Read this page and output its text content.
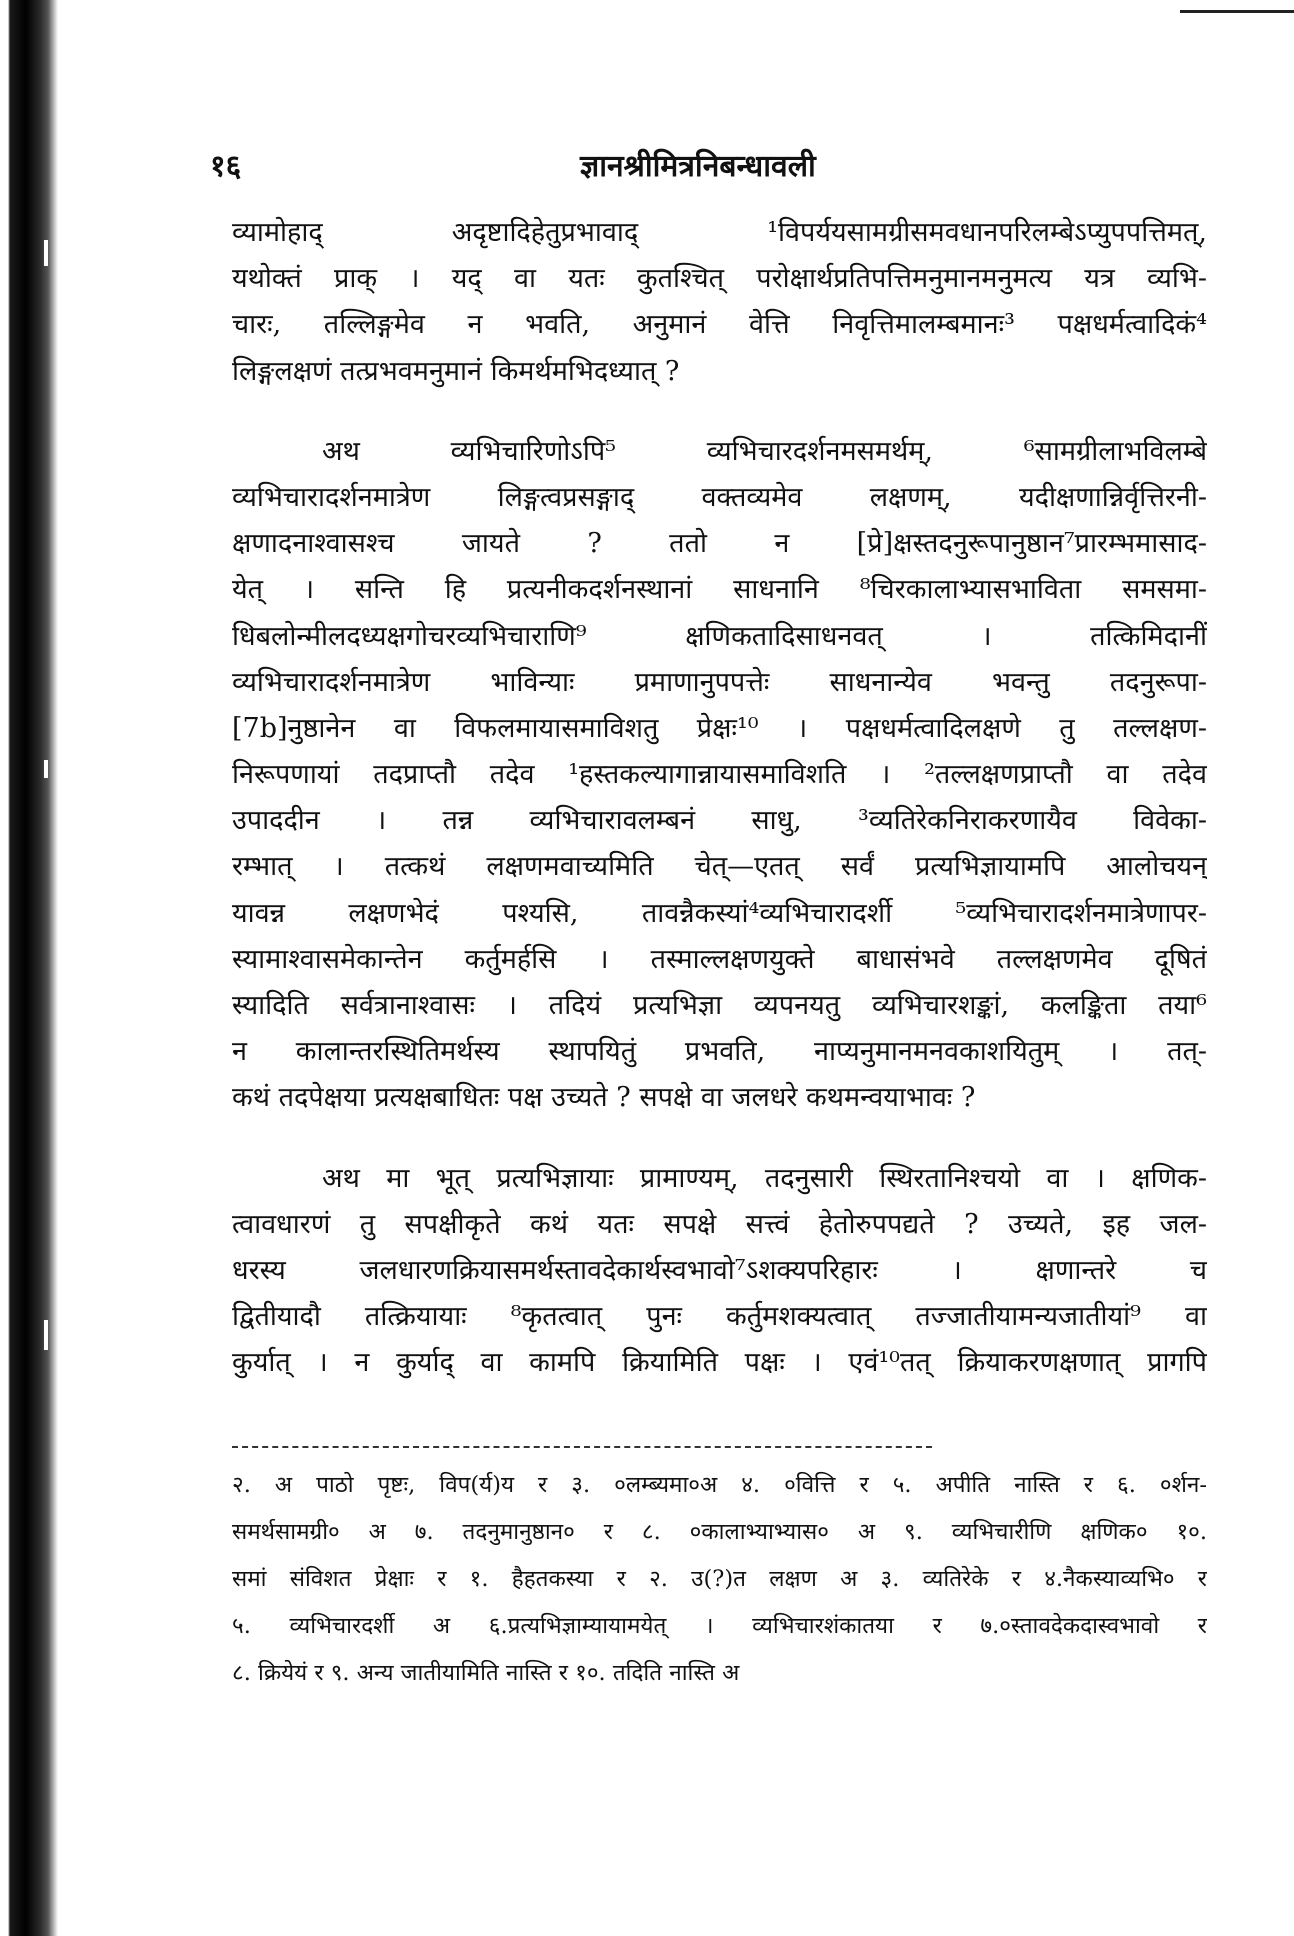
१६	ज्ञानश्रीमित्रनिबन्धावली
व्यामोहाद् अदृष्टादिहेतुप्रभावाद् ¹विपर्ययसामग्रीसमवधानपरिलम्बेऽप्युपपत्तिमत्,
यथोक्तं प्राक् । यद् वा यतः कुतश्चित् परोक्षार्थप्रतिपत्तिमनुमानमनुमत्य यत्र व्यभि-
चारः, तल्लिङ्गमेव न भवति, अनुमानं वेत्ति निवृत्तिमालम्बमानः³ पक्षधर्मत्वादिकं⁴
लिङ्गलक्षणं तत्प्रभवमनुमानं किमर्थमभिदध्यात् ?
अथ व्यभिचारिणोऽपि⁵ व्यभिचारदर्शनमसमर्थम्, ⁶सामग्रीलाभविलम्बे
व्यभिचारादर्शनमात्रेण लिङ्गत्वप्रसङ्गाद् वक्तव्यमेव लक्षणम्, यदीक्षणान्निर्वृत्तिरनी-
क्षणादनाश्वासश्च जायते ? ततो न [प्रे]क्षस्तदनुरूपानुष्ठान⁷प्रारम्भमासाद-
येत् । सन्ति हि प्रत्यनीकदर्शनस्थानां साधनानि ⁸चिरकालाभ्यासभाविता समसमा-
धिबलोन्मीलदध्यक्षगोचरव्यभिचाराणि⁹ क्षणिकतादिसाधनवत् । तत्किमिदानीं
व्यभिचारादर्शनमात्रेण भाविन्याः प्रमाणानुपपत्तेः साधनान्येव भवन्तु तदनुरूपा-
[7b]नुष्ठानेन वा विफलमायासमाविशतु प्रेक्षः¹⁰ । पक्षधर्मत्वादिलक्षणे तु तल्लक्षण-
निरूपणायां तदप्राप्तौ तदेव ¹हस्तकल्यागान्नायासमाविशति । ²तल्लक्षणप्राप्तौ वा तदेव
उपाददीन । तन्न व्यभिचारावलम्बनं साधु, ³व्यतिरेकनिराकरणायैव विवेका-
रम्भात् । तत्कथं लक्षणमवाच्यमिति चेत्—एतत् सर्वं प्रत्यभिज्ञायामपि आलोचयन्
यावन्न लक्षणभेदं पश्यसि, तावन्नैकस्यां⁴व्यभिचारादर्शी ⁵व्यभिचारादर्शनमात्रेणापर-
स्यामाश्वासमेकान्तेन कर्तुमर्हसि । तस्माल्लक्षणयुक्ते बाधासंभवे तल्लक्षणमेव दूषितं
स्यादिति सर्वत्रानाश्वासः । तदियं प्रत्यभिज्ञा व्यपनयतु व्यभिचारशङ्कां, कलङ्किता तया⁶
न कालान्तरस्थितिमर्थस्य स्थापयितुं प्रभवति, नाप्यनुमानमनवकाशयितुम् । तत्-
कथं तदपेक्षया प्रत्यक्षबाधितः पक्ष उच्यते ? सपक्षे वा जलधरे कथमन्वयाभावः ?
अथ मा भूत् प्रत्यभिज्ञायाः प्रामाण्यम्, तदनुसारी स्थिरतानिश्चयो वा । क्षणिक-
त्वावधारणं तु सपक्षीकृते कथं यतः सपक्षे सत्त्वं हेतोरुपपद्यते ? उच्यते, इह जल-
धरस्य जलधारणक्रियासमर्थस्तावदेकार्थस्वभावो⁷ऽशक्यपरिहारः । क्षणान्तरे च
द्वितीयादौ तत्क्रियायाः ⁸कृतत्वात् पुनः कर्तुमशक्यत्वात् तज्जातीयामन्यजातीयां⁹ वा
कुर्यात् । न कुर्याद् वा कामपि क्रियामिति पक्षः । एवं¹⁰तत् क्रियाकरणक्षणात् प्रागपि
२. अ पाठो पृष्टः, विप(र्य)य र ३. ०लम्ब्यमा०अ ४. ०वित्ति र ५. अपीति नास्ति र ६. ०र्शन-
समर्थसामग्री० अ ७. तदनुमानुष्ठान० र ८. ०कालाभ्याभ्यास० अ ९. व्यभिचारीणि क्षणिक० १०.
समां संविशत प्रेक्षाः र १. हैहतकस्या र २. उ(?)त लक्षण अ ३. व्यतिरेके र ४.नैकस्याव्यभि० र
५. व्यभिचारदर्शी अ ६.प्रत्यभिज्ञाम्यायामयेत् । व्यभिचारशंकातया र ७.०स्तावदेकदास्वभावो र
८. क्रियेयं र ९. अन्य जातीयामिति नास्ति र १०. तदिति नास्ति अ
